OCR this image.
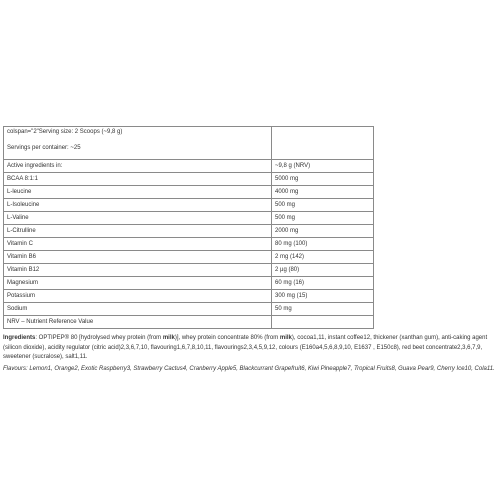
colspan="2"Serving size: 2 Scoops (~9,8 g)
Servings per container: ~25	

Active ingredients in:	~9,8 g (NRV)
BCAA 8:1:1	5000 mg
L-leucine	4000 mg
L-Isoleucine	500 mg
L-Valine	500 mg
L-Citrulline	2000 mg
Vitamin C	80 mg (100)
Vitamin B6	2 mg (142)
Vitamin B12	2 µg (80)
Magnesium	60 mg (16)
Potassium	300 mg (15)
Sodium	50 mg
NRV – Nutrient Reference Value	

Ingredients: OPTIPEP® 80 [hydrolysed whey protein (from milk)], whey protein concentrate 80% (from milk), cocoa1,11, instant coffee12, thickener (xanthan gum), anti-caking agent (silicon dioxide), acidity regulator (citric acid)2,3,6,7,10, flavouring1,6,7,8,10,11, flavourings2,3,4,5,9,12, colours (E160a4,5,6,8,9,10, E1637 , E150c8), red beet concentrate2,3,6,7,9, sweetener (sucralose), salt1,11.

Flavours: Lemon1, Orange2, Exotic Raspberry3, Strawberry Cactus4, Cranberry Apple5, Blackcurrant Grapefruit6, Kiwi Pineapple7, Tropical Fruits8, Guava Pear9, Cherry Ice10, Cola11.
